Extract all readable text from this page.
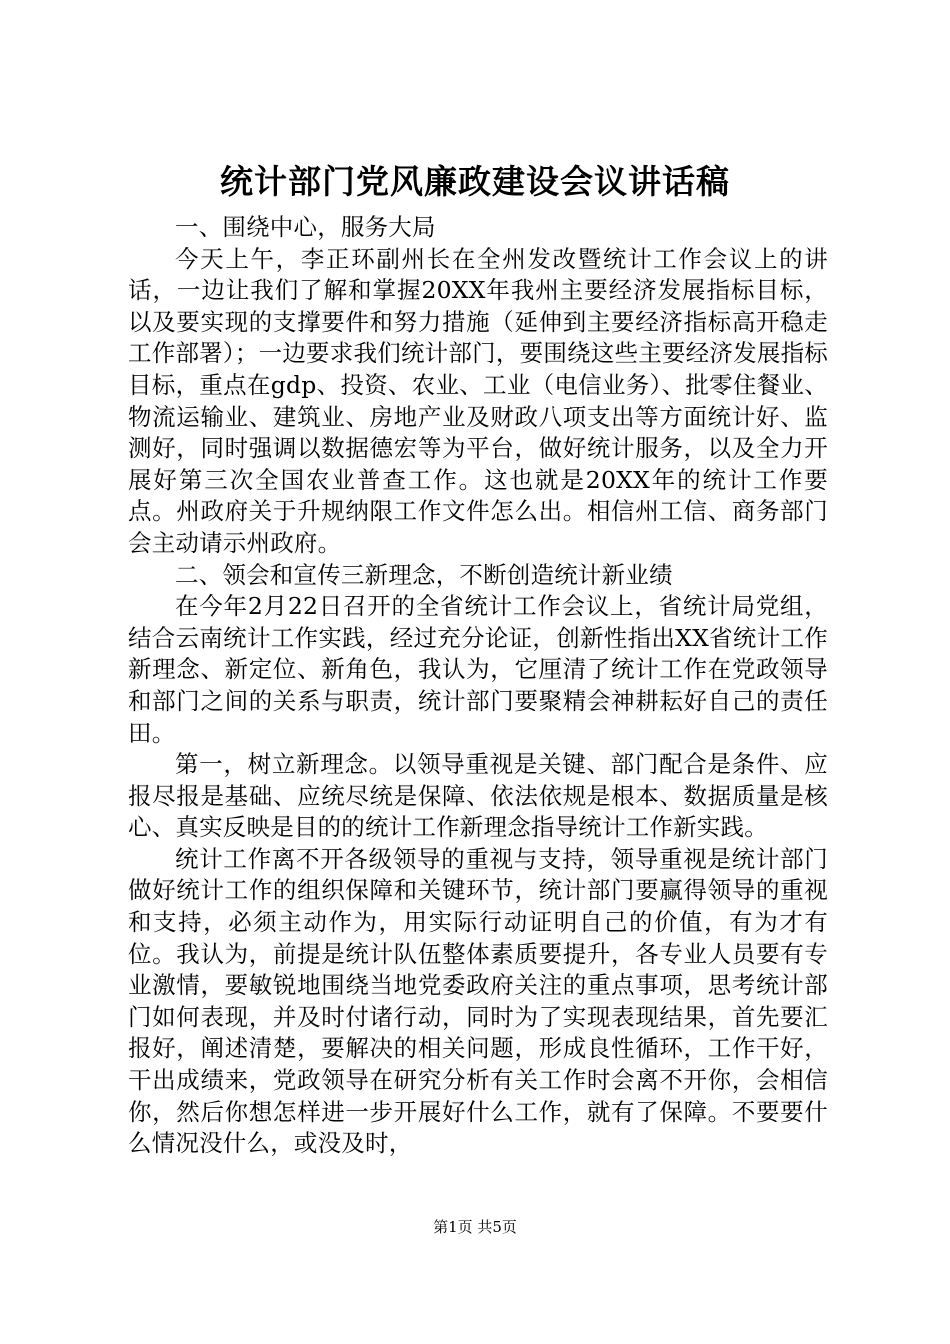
统计部门党风廉政建设会议讲话稿

一、围绕中心，服务大局

今天上午，李正环副州长在全州发改暨统计工作会议上的讲话，一边让我们了解和掌握20XX年我州主要经济发展指标目标，以及要实现的支撑要件和努力措施（延伸到主要经济指标高开稳走工作部署）；一边要求我们统计部门，要围绕这些主要经济发展指标目标，重点在gdp、投资、农业、工业（电信业务）、批零住餐业、物流运输业、建筑业、房地产业及财政八项支出等方面统计好、监测好，同时强调以数据德宏等为平台，做好统计服务，以及全力开展好第三次全国农业普查工作。这也就是20XX年的统计工作要点。州政府关于升规纳限工作文件怎么出。相信州工信、商务部门会主动请示州政府。

二、领会和宣传三新理念，不断创造统计新业绩

在今年2月22日召开的全省统计工作会议上，省统计局党组，结合云南统计工作实践，经过充分论证，创新性指出XX省统计工作新理念、新定位、新角色，我认为，它厘清了统计工作在党政领导和部门之间的关系与职责，统计部门要聚精会神耕耘好自己的责任田。

第一，树立新理念。以领导重视是关键、部门配合是条件、应报尽报是基础、应统尽统是保障、依法依规是根本、数据质量是核心、真实反映是目的的统计工作新理念指导统计工作新实践。

统计工作离不开各级领导的重视与支持，领导重视是统计部门做好统计工作的组织保障和关键环节，统计部门要赢得领导的重视和支持，必须主动作为，用实际行动证明自己的价值，有为才有位。我认为，前提是统计队伍整体素质要提升，各专业人员要有专业激情，要敏锐地围绕当地党委政府关注的重点事项，思考统计部门如何表现，并及时付诸行动，同时为了实现表现结果，首先要汇报好，阐述清楚，要解决的相关问题，形成良性循环，工作干好，干出成绩来，党政领导在研究分析有关工作时会离不开你，会相信你，然后你想怎样进一步开展好什么工作，就有了保障。不要要什么情况没什么，或没及时，

第1页 共5页
